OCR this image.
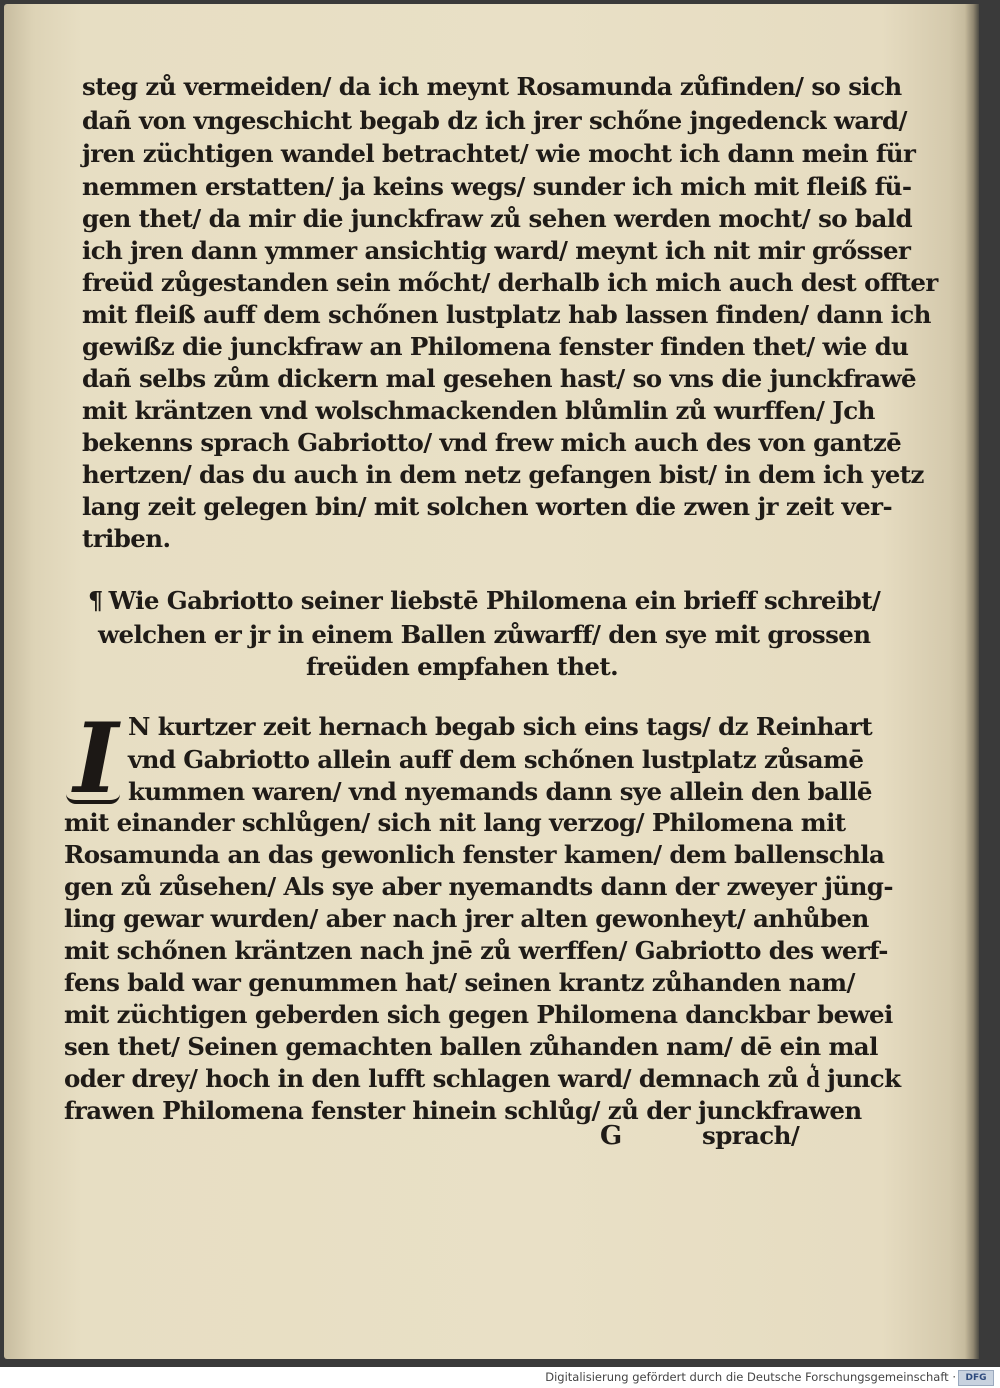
steg zů vermeiden/ da ich meynt Rosamunda zůfinden/ so sich
dañ von vngeschicht begab dz ich jrer schőne jngedenck ward/
jren züchtigen wandel betrachtet/ wie mocht ich dann mein für
nemmen erstatten/ ja keins wegs/ sunder ich mich mit fleiß fü-
gen thet/ da mir die junckfraw zů sehen werden mocht/ so bald
ich jren dann ymmer ansichtig ward/ meynt ich nit mir grősser
freüd zůgestanden sein mőcht/ derhalb ich mich auch dest offter
mit fleiß auff dem schőnen lustplatz hab lassen finden/ dann ich
gewißz die junckfraw an Philomena fenster finden thet/ wie du
dañ selbs zům dickern mal gesehen hast/ so vns die junckfrawē
mit kräntzen vnd wolschmackenden blůmlin zů wurffen/ Jch
bekenns sprach Gabriotto/ vnd frew mich auch des von gantzē
hertzen/ das du auch in dem netz gefangen bist/ in dem ich yetz
lang zeit gelegen bin/ mit solchen worten die zwen jr zeit ver-
triben.
¶ Wie Gabriotto seiner liebstē Philomena ein brieff schreibt/
welchen er jr in einem Ballen zůwarff/ den sye mit grossen
freüden empfahen thet.
I N kurtzer zeit hernach begab sich eins tags/ dz Reinhart
vnd Gabriotto allein auff dem schőnen lustplatz zůsamē
kummen waren/ vnd nyemands dann sye allein den ballē
mit einander schlůgen/ sich nit lang verzog/ Philomena mit
Rosamunda an das gewonlich fenster kamen/ dem ballenschla
gen zů zůsehen/ Als sye aber nyemandts dann der zweyer jüng-
ling gewar wurden/ aber nach jrer alten gewonheyt/ anhůben
mit schőnen kräntzen nach jnē zů werffen/ Gabriotto des werf-
fens bald war genummen hat/ seinen krantz zůhanden nam/
mit züchtigen geberden sich gegen Philomena danckbar bewei
sen thet/ Seinen gemachten ballen zůhanden nam/ dē ein mal
oder drey/ hoch in den lufft schlagen ward/ demnach zů d͛ junck
frawen Philomena fenster hinein schlůg/ zů der junckfrawen
G	sprach/
Digitalisierung gefördert durch die Deutsche Forschungsgemeinschaft ·	DFG
